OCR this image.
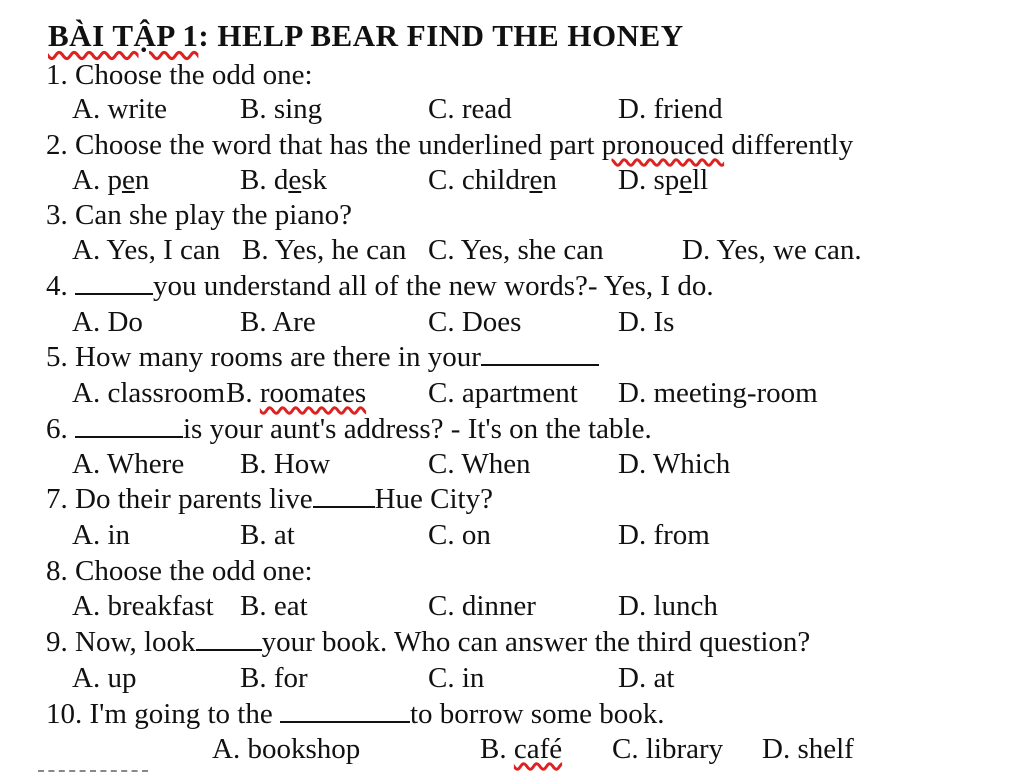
BÀI TẬP 1: HELP BEAR FIND THE HONEY
1. Choose the odd one:
A. write	B. sing	C. read	D. friend
2. Choose the word that has the underlined part pronouced differently
A. pen	B. desk	C. children D. spell
3. Can she play the piano?
A. Yes, I can B. Yes, he can C. Yes, she can	D. Yes, we can.
4.	you understand all of the new words?- Yes, I do.
A. Do	B. Are	C. Does	D. Is
5. How many rooms are there in your
A. classroom B. roomates C. apartment D. meeting-room
6.	is your aunt's address? - It's on the table.
A. Where B. How	C. When	D. Which
7. Do their parents live Hue City?
A. in	B. at	C. on	D. from
8. Choose the odd one:
A. breakfast B. eat	C. dinner	D. lunch
9. Now, look your book. Who can answer the third question?
A. up	B. for	C. in	D. at
10. I'm going to the	to borrow some book.
A. bookshop	B. café C. library D. shelf
